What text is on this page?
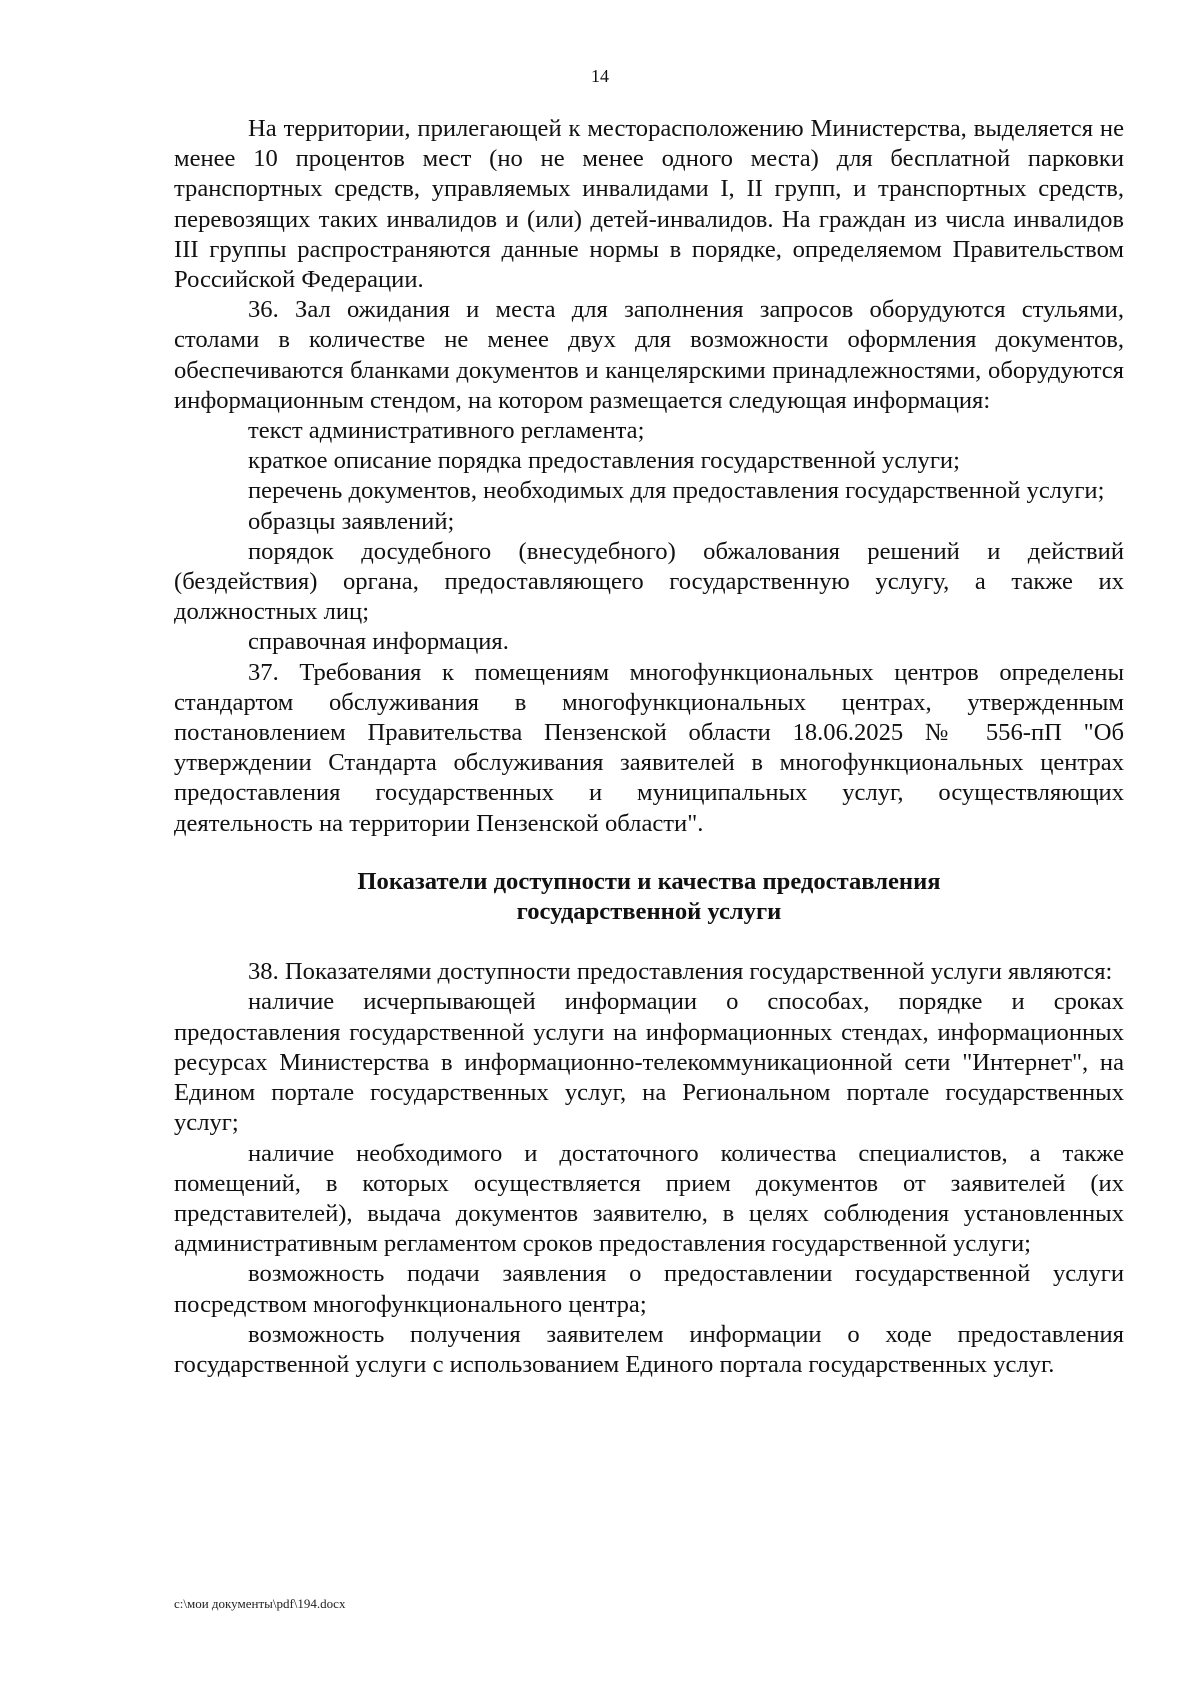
14

На территории, прилегающей к месторасположению Министерства, выделяется не менее 10 процентов мест (но не менее одного места) для бесплатной парковки транспортных средств, управляемых инвалидами I, II групп, и транспортных средств, перевозящих таких инвалидов и (или) детей-инвалидов. На граждан из числа инвалидов III группы распространяются данные нормы в порядке, определяемом Правительством Российской Федерации.

36. Зал ожидания и места для заполнения запросов оборудуются стульями, столами в количестве не менее двух для возможности оформления документов, обеспечиваются бланками документов и канцелярскими принадлежностями, оборудуются информационным стендом, на котором размещается следующая информация:

текст административного регламента;

краткое описание порядка предоставления государственной услуги;

перечень документов, необходимых для предоставления государственной услуги;

образцы заявлений;

порядок досудебного (внесудебного) обжалования решений и действий (бездействия) органа, предоставляющего государственную услугу, а также их должностных лиц;

справочная информация.

37. Требования к помещениям многофункциональных центров определены стандартом обслуживания в многофункциональных центрах, утвержденным постановлением Правительства Пензенской области 18.06.2025 № 556-пП "Об утверждении Стандарта обслуживания заявителей в многофункциональных центрах предоставления государственных и муниципальных услуг, осуществляющих деятельность на территории Пензенской области".

Показатели доступности и качества предоставления
государственной услуги

38. Показателями доступности предоставления государственной услуги являются:

наличие исчерпывающей информации о способах, порядке и сроках предоставления государственной услуги на информационных стендах, информационных ресурсах Министерства в информационно-телекоммуникационной сети "Интернет", на Едином портале государственных услуг, на Региональном портале государственных услуг;

наличие необходимого и достаточного количества специалистов, а также помещений, в которых осуществляется прием документов от заявителей (их представителей), выдача документов заявителю, в целях соблюдения установленных административным регламентом сроков предоставления государственной услуги;

возможность подачи заявления о предоставлении государственной услуги посредством многофункционального центра;

возможность получения заявителем информации о ходе предоставления государственной услуги с использованием Единого портала государственных услуг.

c:\мои документы\pdf\194.docx
